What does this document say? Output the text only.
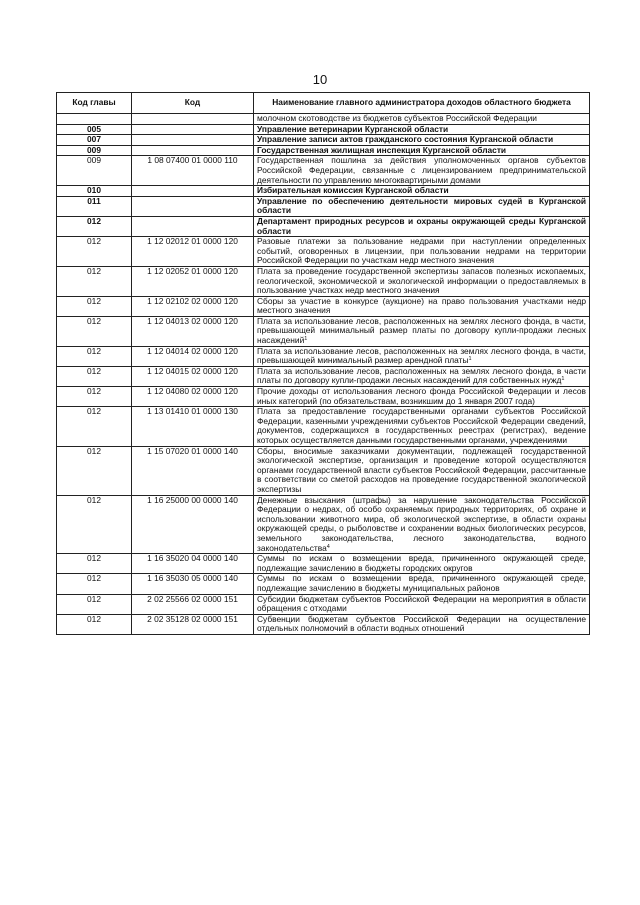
10
Код главы	Код	Наименование главного администратора доходов областного бюджета
		молочном скотоводстве из бюджетов субъектов Российской Федерации
005		Управление ветеринарии Курганской области
007		Управление записи актов гражданского состояния Курганской области
009		Государственная жилищная инспекция Курганской области
009	1 08 07400 01 0000 110	Государственная пошлина за действия уполномоченных органов субъектов Российской Федерации, связанные с лицензированием предпринимательской деятельности по управлению многоквартирными домами
010		Избирательная комиссия Курганской области
011		Управление по обеспечению деятельности мировых судей в Курганской области
012		Департамент природных ресурсов и охраны окружающей среды Курганской области
012	1 12 02012 01 0000 120	Разовые платежи за пользование недрами при наступлении определенных событий, оговоренных в лицензии, при пользовании недрами на территории Российской Федерации по участкам недр местного значения
012	1 12 02052 01 0000 120	Плата за проведение государственной экспертизы запасов полезных ископаемых, геологической, экономической и экологической информации о предоставляемых в пользование участках недр местного значения
012	1 12 02102 02 0000 120	Сборы за участие в конкурсе (аукционе) на право пользования участками недр местного значения
012	1 12 04013 02 0000 120	Плата за использование лесов, расположенных на землях лесного фонда, в части, превышающей минимальный размер платы по договору купли-продажи лесных насаждений$^1$
012	1 12 04014 02 0000 120	Плата за использование лесов, расположенных на землях лесного фонда, в части, превышающей минимальный размер арендной платы$^1$
012	1 12 04015 02 0000 120	Плата за использование лесов, расположенных на землях лесного фонда, в части платы по договору купли-продажи лесных насаждений для собственных нужд$^1$
012	1 12 04080 02 0000 120	Прочие доходы от использования лесного фонда Российской Федерации и лесов иных категорий (по обязательствам, возникшим до 1 января 2007 года)
012	1 13 01410 01 0000 130	Плата за предоставление государственными органами субъектов Российской Федерации, казенными учреждениями субъектов Российской Федерации сведений, документов, содержащихся в государственных реестрах (регистрах), ведение которых осуществляется данными государственными органами, учреждениями
012	1 15 07020 01 0000 140	Сборы, вносимые заказчиками документации, подлежащей государственной экологической экспертизе, организация и проведение которой осуществляются органами государственной власти субъектов Российской Федерации, рассчитанные в соответствии со сметой расходов на проведение государственной экологической экспертизы
012	1 16 25000 00 0000 140	Денежные взыскания (штрафы) за нарушение законодательства Российской Федерации о недрах, об особо охраняемых природных территориях, об охране и использовании животного мира, об экологической экспертизе, в области охраны окружающей среды, о рыболовстве и сохранении водных биологических ресурсов, земельного законодательства, лесного законодательства, водного законодательства$^4$
012	1 16 35020 04 0000 140	Суммы по искам о возмещении вреда, причиненного окружающей среде, подлежащие зачислению в бюджеты городских округов
012	1 16 35030 05 0000 140	Суммы по искам о возмещении вреда, причиненного окружающей среде, подлежащие зачислению в бюджеты муниципальных районов
012	2 02 25566 02 0000 151	Субсидии бюджетам субъектов Российской Федерации на мероприятия в области обращения с отходами
012	2 02 35128 02 0000 151	Субвенции бюджетам субъектов Российской Федерации на осуществление отдельных полномочий в области водных отношений
